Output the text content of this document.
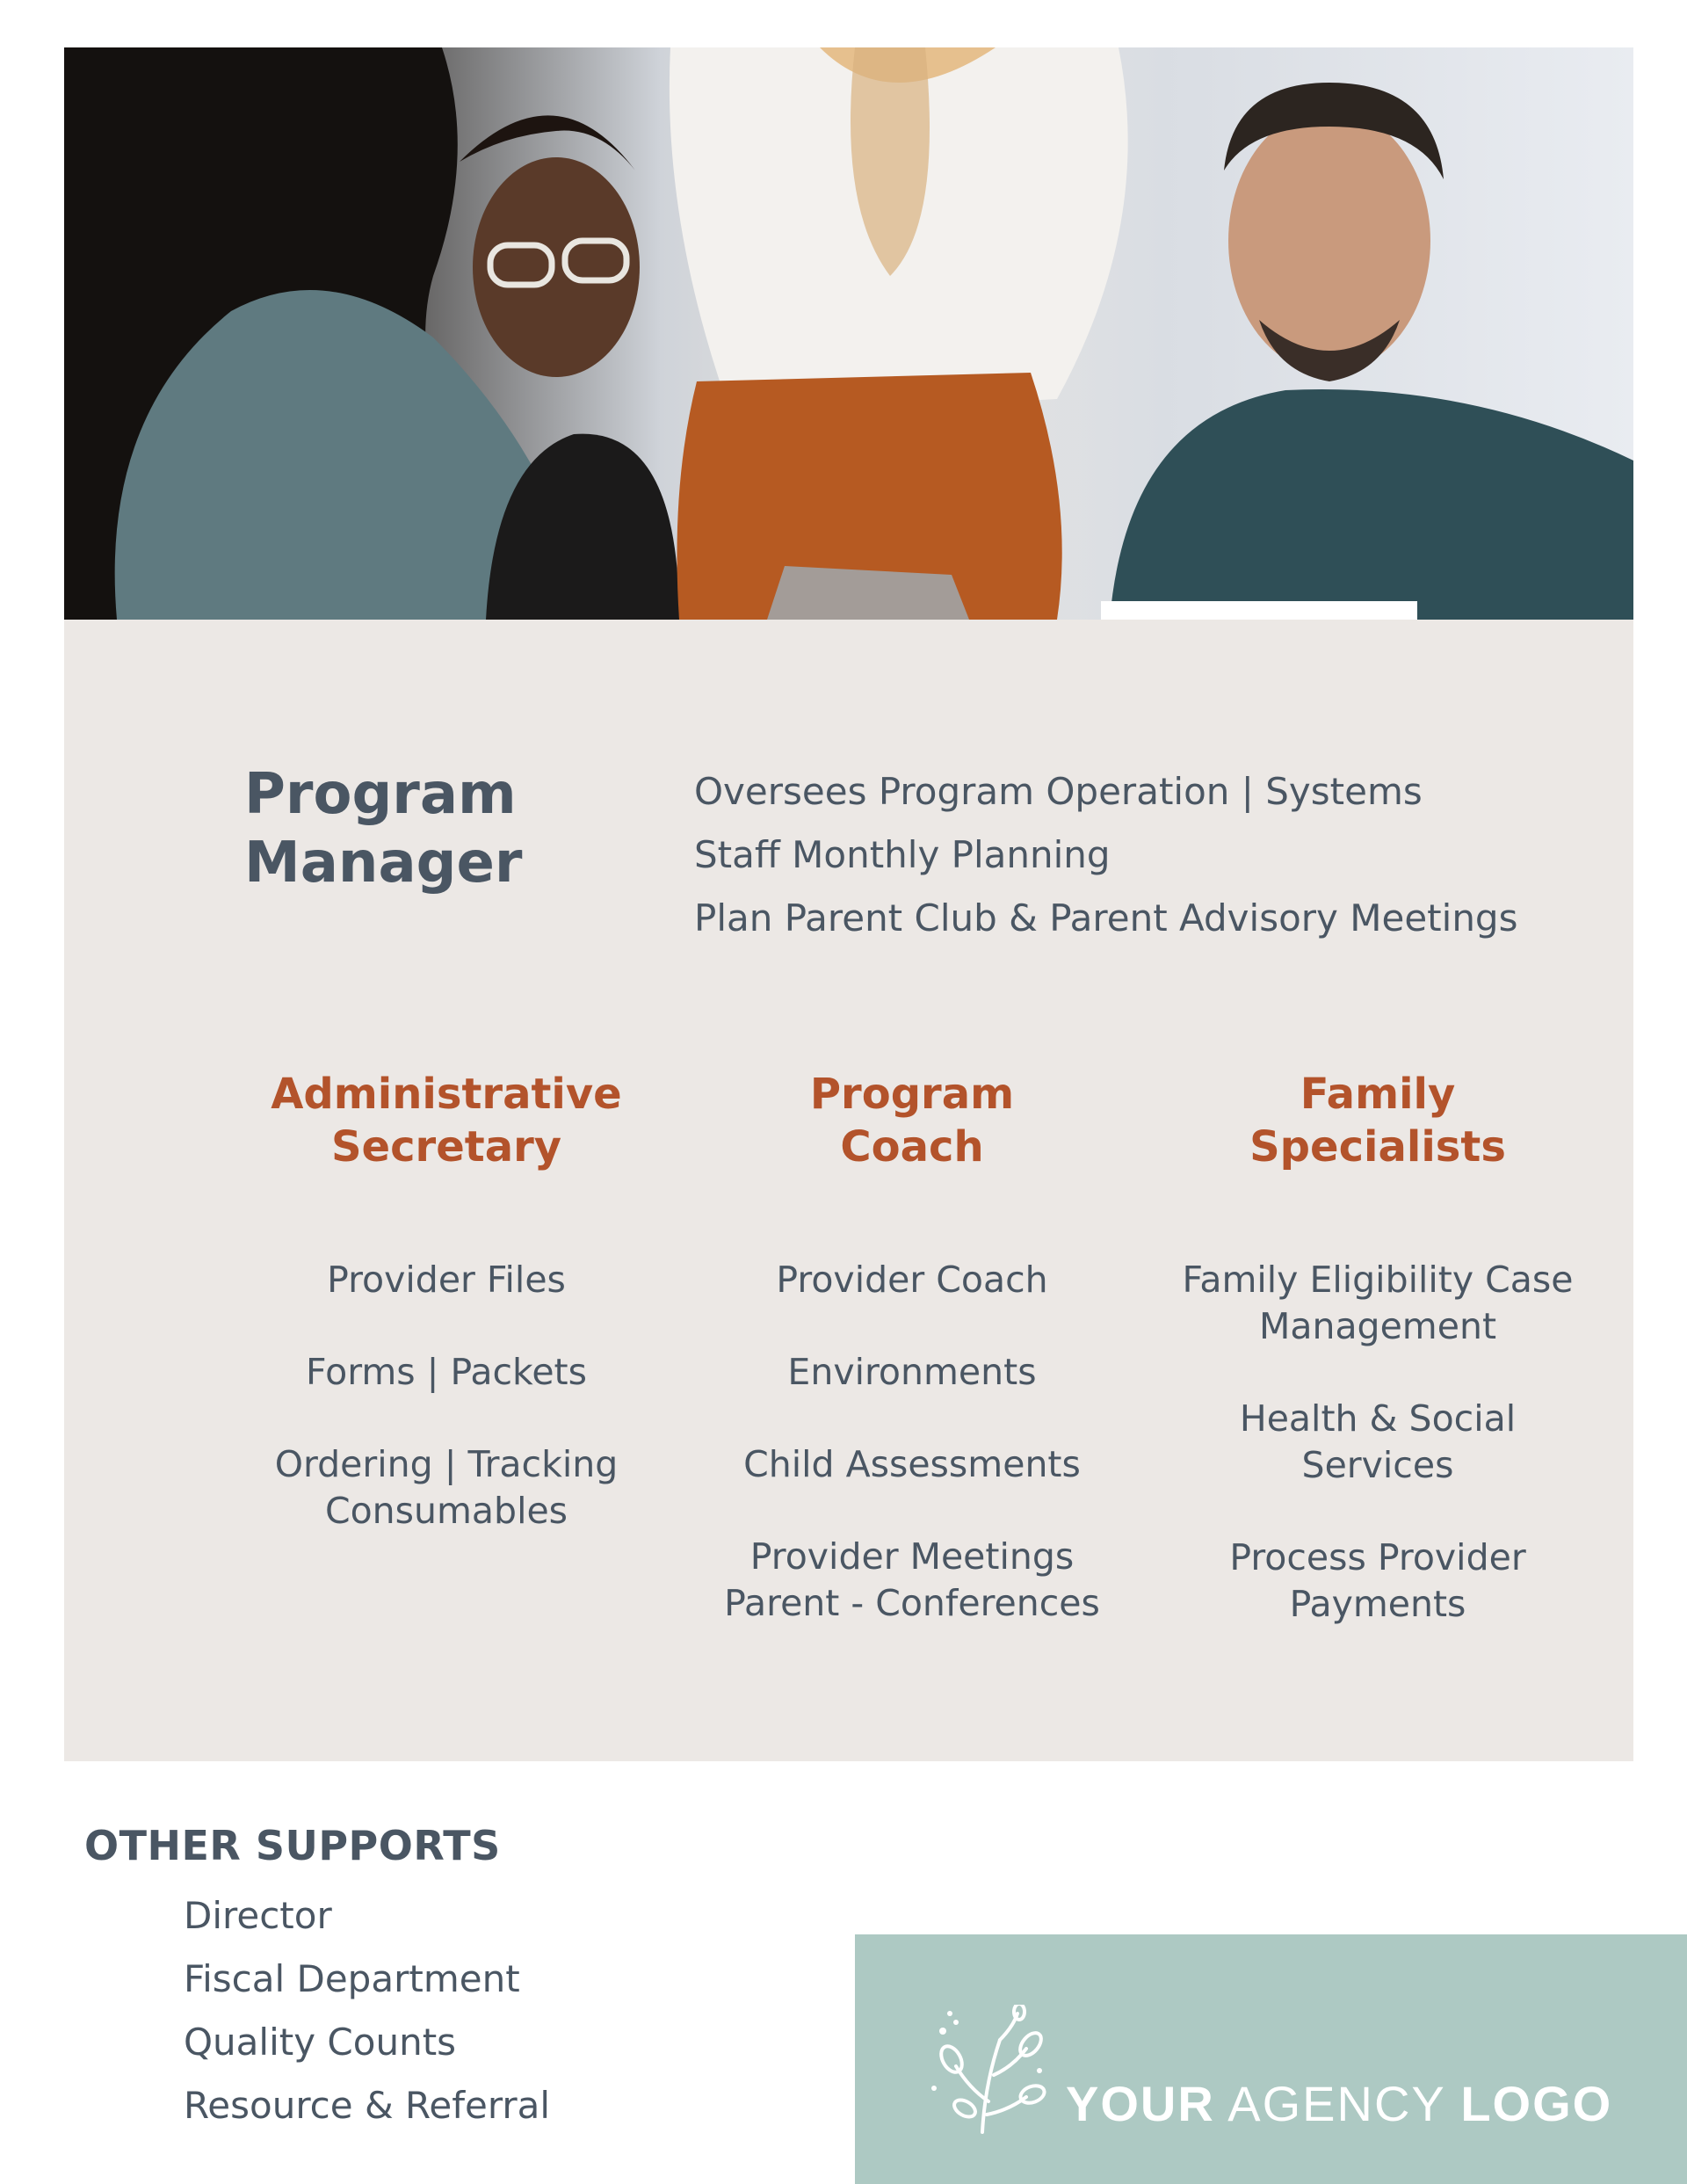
Program
Manager
Oversees Program Operation | Systems
Staff Monthly Planning
Plan Parent Club & Parent Advisory Meetings
Administrative
Secretary
Provider Files
Forms | Packets
Ordering | Tracking
Consumables
Program
Coach
Provider Coach
Environments
Child Assessments
Provider Meetings
Parent - Conferences
Family
Specialists
Family Eligibility Case
Management
Health & Social
Services
Process Provider
Payments
OTHER SUPPORTS
Director
Fiscal Department
Quality Counts
Resource & Referral	YOUR AGENCY LOGO
